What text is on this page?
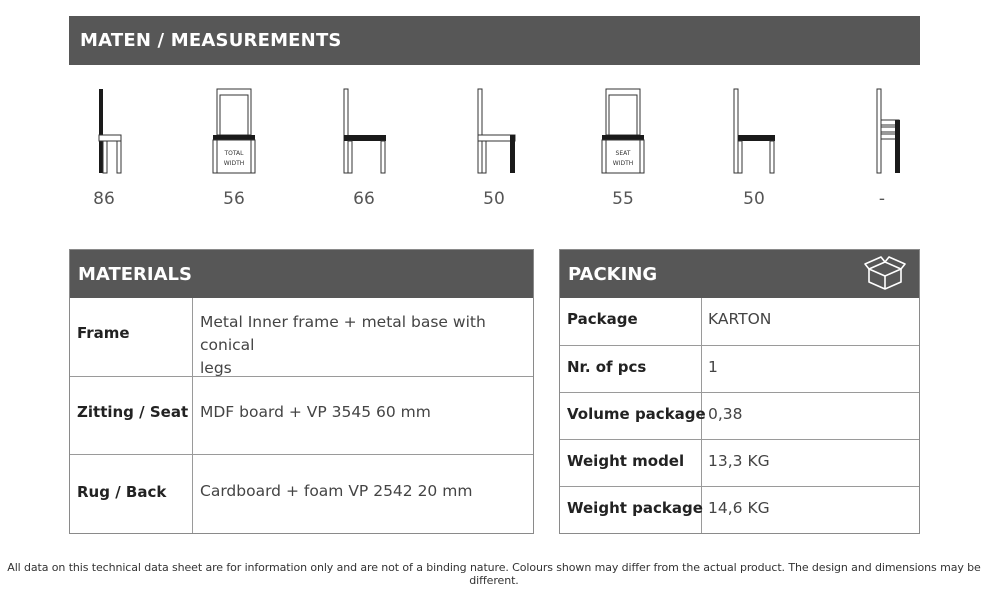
MATEN / MEASUREMENTS
86
TOTAL
WIDTH
56	66	50
SEAT
WIDTH
55	50	-
MATERIALS
Frame
Metal Inner frame + metal base with conical
legs
Zitting / Seat MDF board + VP 3545 60 mm
Rug / Back Cardboard + foam VP 2542 20 mm
PACKING
Package	KARTON
Nr. of pcs	1
Volume package 0,38
Weight model 13,3 KG
Weight package 14,6 KG
All data on this technical data sheet are for information only and are not of a binding nature. Colours shown may differ from the actual product. The design and dimensions may be different.
